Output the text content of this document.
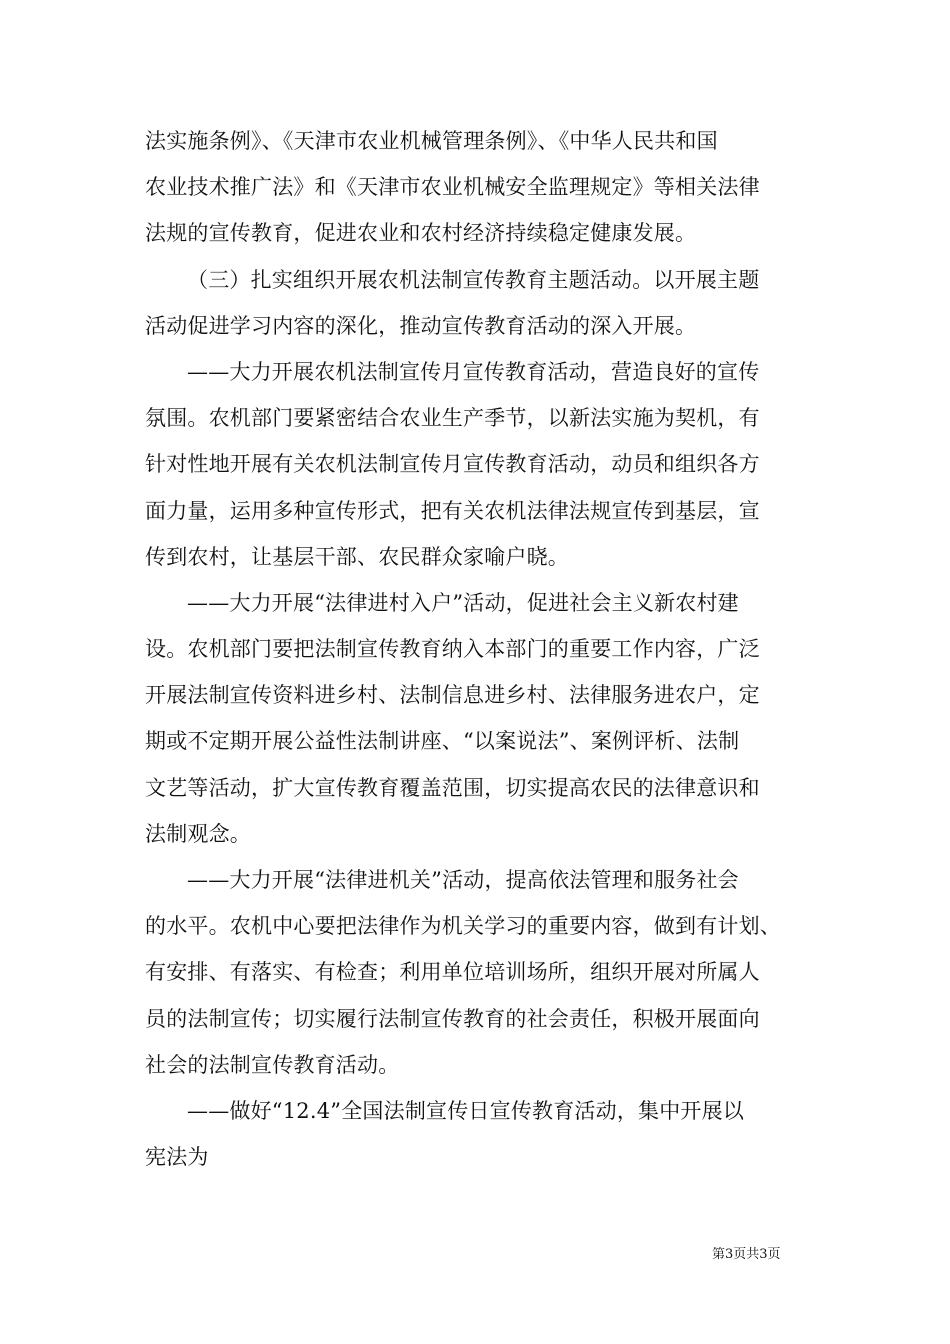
法实施条例》、《天津市农业机械管理条例》、《中华人民共和国
农业技术推广法》和《天津市农业机械安全监理规定》等相关法律
法规的宣传教育，促进农业和农村经济持续稳定健康发展。
（三）扎实组织开展农机法制宣传教育主题活动。以开展主题
活动促进学习内容的深化，推动宣传教育活动的深入开展。
——大力开展农机法制宣传月宣传教育活动，营造良好的宣传
氛围。农机部门要紧密结合农业生产季节，以新法实施为契机，有
针对性地开展有关农机法制宣传月宣传教育活动，动员和组织各方
面力量，运用多种宣传形式，把有关农机法律法规宣传到基层，宣
传到农村，让基层干部、农民群众家喻户晓。
——大力开展“法律进村入户”活动，促进社会主义新农村建
设。农机部门要把法制宣传教育纳入本部门的重要工作内容，广泛
开展法制宣传资料进乡村、法制信息进乡村、法律服务进农户，定
期或不定期开展公益性法制讲座、“以案说法”、案例评析、法制
文艺等活动，扩大宣传教育覆盖范围，切实提高农民的法律意识和
法制观念。
——大力开展“法律进机关”活动，提高依法管理和服务社会
的水平。农机中心要把法律作为机关学习的重要内容，做到有计划、
有安排、有落实、有检查；利用单位培训场所，组织开展对所属人
员的法制宣传；切实履行法制宣传教育的社会责任，积极开展面向
社会的法制宣传教育活动。
——做好“12.4”全国法制宣传日宣传教育活动，集中开展以
宪法为
第3页共3页
